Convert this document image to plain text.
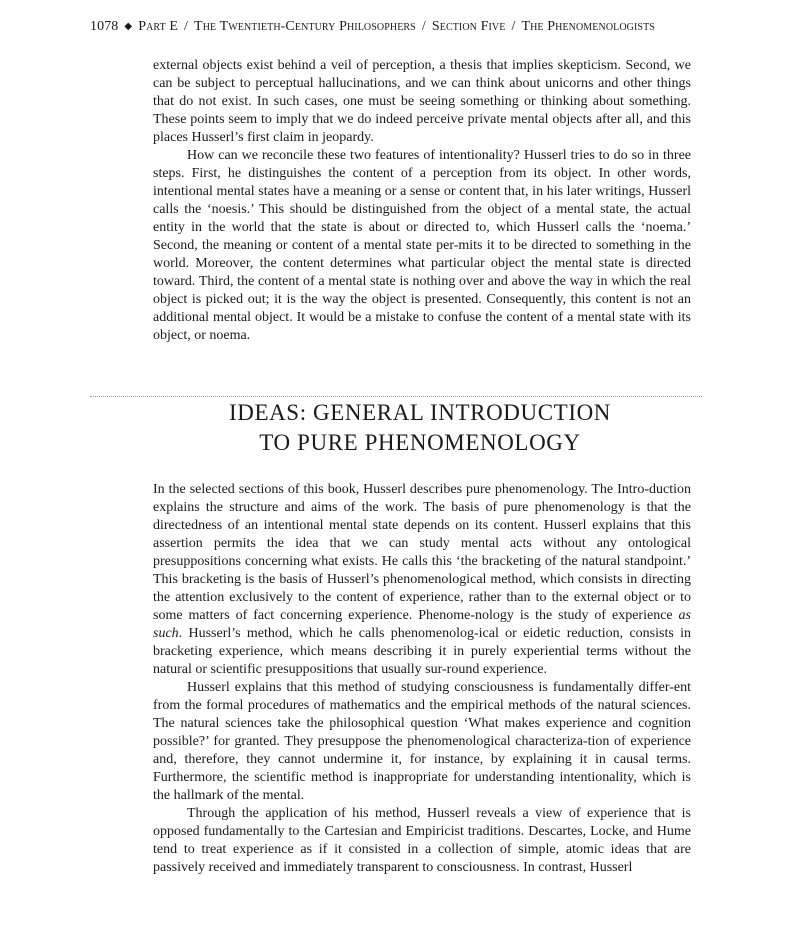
1078 ◆ Part E / The Twentieth-Century Philosophers / Section Five / The Phenomenologists

external objects exist behind a veil of perception, a thesis that implies skepticism. Second, we can be subject to perceptual hallucinations, and we can think about unicorns and other things that do not exist. In such cases, one must be seeing something or thinking about something. These points seem to imply that we do indeed perceive private mental objects after all, and this places Husserl’s first claim in jeopardy.

How can we reconcile these two features of intentionality? Husserl tries to do so in three steps. First, he distinguishes the content of a perception from its object. In other words, intentional mental states have a meaning or a sense or content that, in his later writings, Husserl calls the ‘noesis.’ This should be distinguished from the object of a mental state, the actual entity in the world that the state is about or directed to, which Husserl calls the ‘noema.’ Second, the meaning or content of a mental state per-mits it to be directed to something in the world. Moreover, the content determines what particular object the mental state is directed toward. Third, the content of a mental state is nothing over and above the way in which the real object is picked out; it is the way the object is presented. Consequently, this content is not an additional mental object. It would be a mistake to confuse the content of a mental state with its object, or noema.

IDEAS: GENERAL INTRODUCTION
TO PURE PHENOMENOLOGY

In the selected sections of this book, Husserl describes pure phenomenology. The Intro-duction explains the structure and aims of the work. The basis of pure phenomenology is that the directedness of an intentional mental state depends on its content. Husserl explains that this assertion permits the idea that we can study mental acts without any ontological presuppositions concerning what exists. He calls this ‘the bracketing of the natural standpoint.’ This bracketing is the basis of Husserl’s phenomenological method, which consists in directing the attention exclusively to the content of experience, rather than to the external object or to some matters of fact concerning experience. Phenome-nology is the study of experience as such. Husserl’s method, which he calls phenomenolog-ical or eidetic reduction, consists in bracketing experience, which means describing it in purely experiential terms without the natural or scientific presuppositions that usually sur-round experience.

Husserl explains that this method of studying consciousness is fundamentally differ-ent from the formal procedures of mathematics and the empirical methods of the natural sciences. The natural sciences take the philosophical question ‘What makes experience and cognition possible?’ for granted. They presuppose the phenomenological characteriza-tion of experience and, therefore, they cannot undermine it, for instance, by explaining it in causal terms. Furthermore, the scientific method is inappropriate for understanding intentionality, which is the hallmark of the mental.

Through the application of his method, Husserl reveals a view of experience that is opposed fundamentally to the Cartesian and Empiricist traditions. Descartes, Locke, and Hume tend to treat experience as if it consisted in a collection of simple, atomic ideas that are passively received and immediately transparent to consciousness. In contrast, Husserl
